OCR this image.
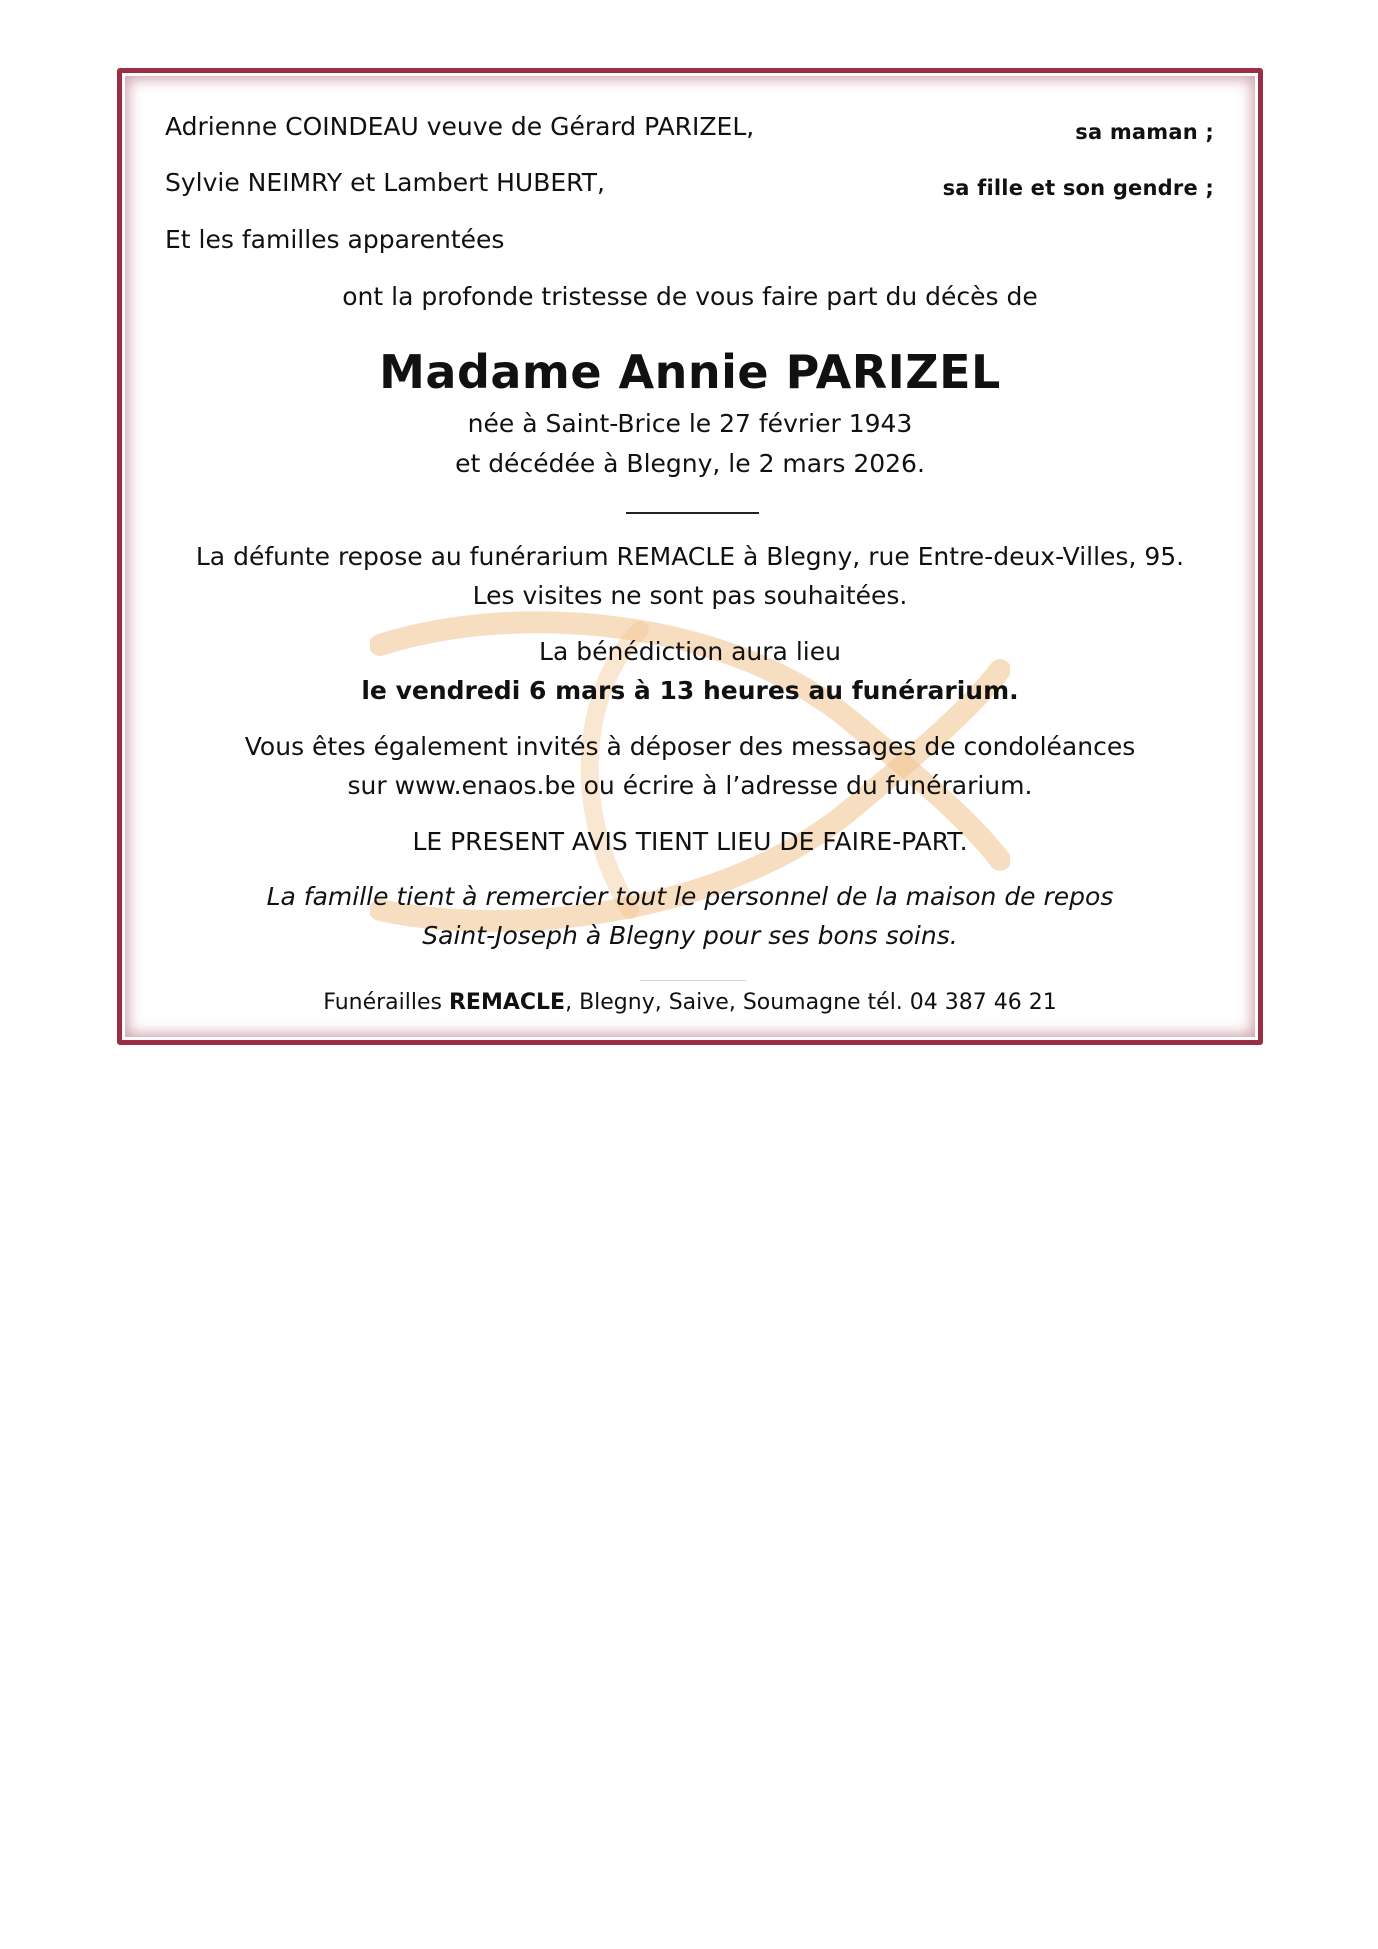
Adrienne COINDEAU veuve de Gérard PARIZEL,	sa maman ;
Sylvie NEIMRY et Lambert HUBERT,	sa fille et son gendre ;
Et les familles apparentées
ont la profonde tristesse de vous faire part du décès de
Madame Annie PARIZEL
née à Saint-Brice le 27 février 1943
et décédée à Blegny, le 2 mars 2026.
La défunte repose au funérarium REMACLE à Blegny, rue Entre-deux-Villes, 95.
Les visites ne sont pas souhaitées.
La bénédiction aura lieu
le vendredi 6 mars à 13 heures au funérarium.
Vous êtes également invités à déposer des messages de condoléances
sur www.enaos.be ou écrire à l’adresse du funérarium.
LE PRESENT AVIS TIENT LIEU DE FAIRE-PART.
La famille tient à remercier tout le personnel de la maison de repos
Saint-Joseph à Blegny pour ses bons soins.
Funérailles REMACLE, Blegny, Saive, Soumagne tél. 04 387 46 21
